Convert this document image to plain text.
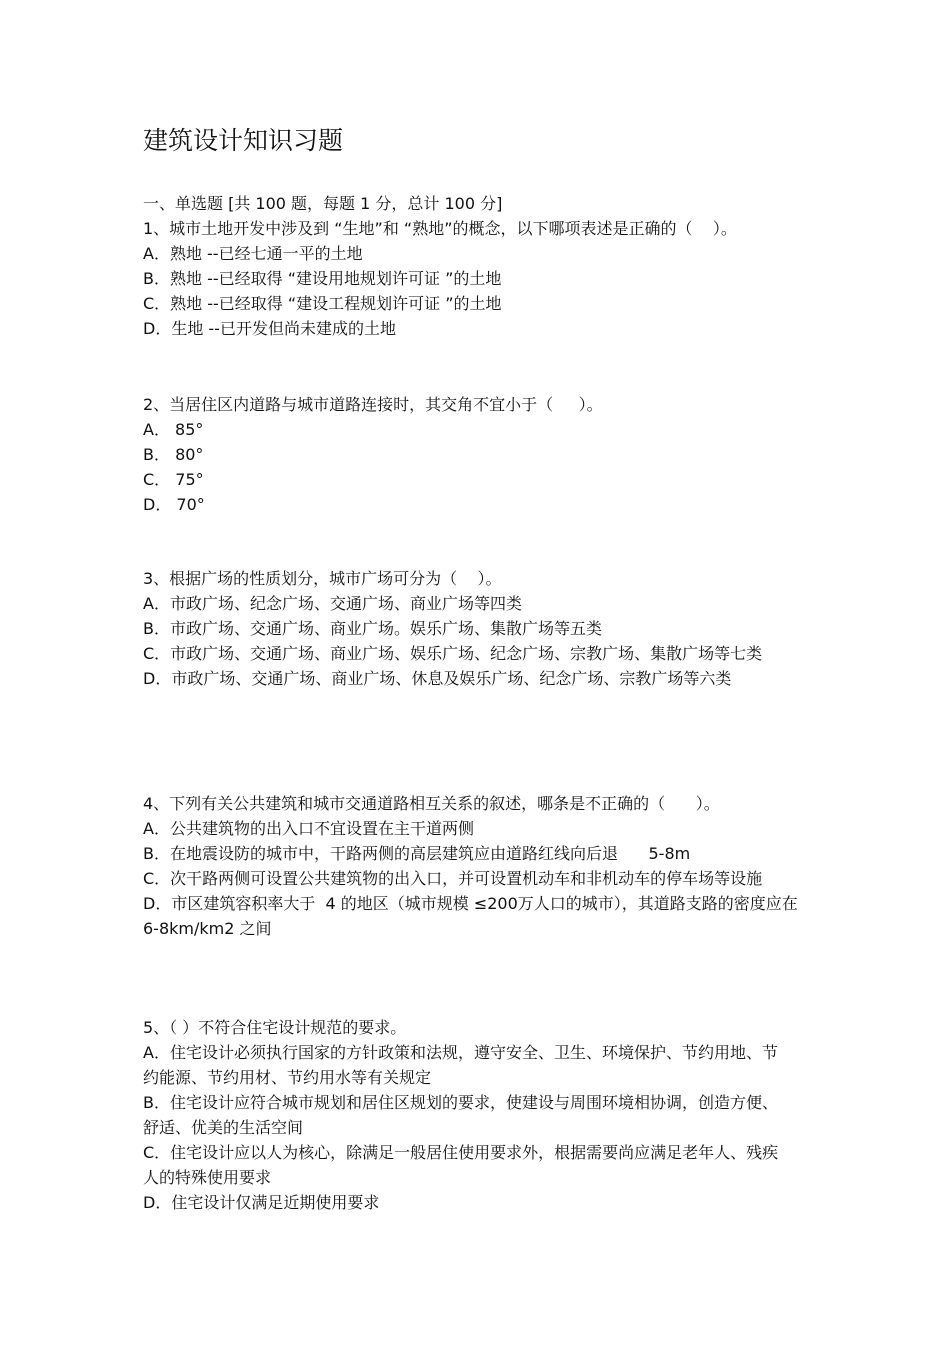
建筑设计知识习题
一、单选题 [共 100 题，每题 1 分，总计 100 分]
1、城市土地开发中涉及到 “生地”和 “熟地”的概念，以下哪项表述是正确的（    ）。
A．熟地 --已经七通一平的土地
B．熟地 --已经取得 “建设用地规划许可证 ”的土地
C．熟地 --已经取得 “建设工程规划许可证 ”的土地
D．生地 --已开发但尚未建成的土地
2、当居住区内道路与城市道路连接时，其交角不宜小于（     ）。
A． 85°
B． 80°
C． 75°
D． 70°
3、根据广场的性质划分，城市广场可分为（    ）。
A．市政广场、纪念广场、交通广场、商业广场等四类
B．市政广场、交通广场、商业广场。娱乐广场、集散广场等五类
C．市政广场、交通广场、商业广场、娱乐广场、纪念广场、宗教广场、集散广场等七类
D．市政广场、交通广场、商业广场、休息及娱乐广场、纪念广场、宗教广场等六类
4、下列有关公共建筑和城市交通道路相互关系的叙述，哪条是不正确的（      ）。
A．公共建筑物的出入口不宜设置在主干道两侧
B．在地震设防的城市中，干路两侧的高层建筑应由道路红线向后退      5-8m
C．次干路两侧可设置公共建筑物的出入口，并可设置机动车和非机动车的停车场等设施
D．市区建筑容积率大于  4 的地区（城市规模 ≤200万人口的城市），其道路支路的密度应在 6-8km/km2 之间
5、（ ）不符合住宅设计规范的要求。
A．住宅设计必须执行国家的方针政策和法规，遵守安全、卫生、环境保护、节约用地、节约能源、节约用材、节约用水等有关规定
B．住宅设计应符合城市规划和居住区规划的要求，使建设与周围环境相协调，创造方便、舒适、优美的生活空间
C．住宅设计应以人为核心，除满足一般居住使用要求外，根据需要尚应满足老年人、残疾人的特殊使用要求
D．住宅设计仅满足近期使用要求
